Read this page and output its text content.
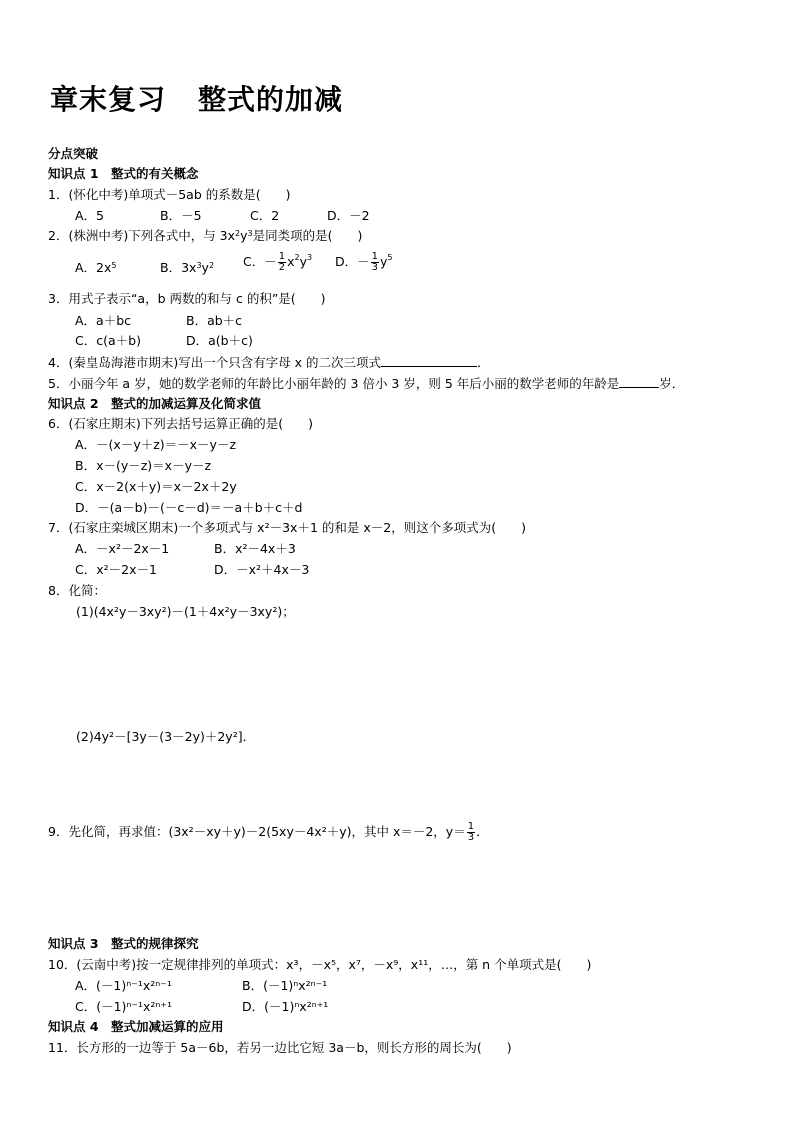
章末复习 整式的加减
分点突破
知识点 1　整式的有关概念
1．(怀化中考)单项式－5ab 的系数是(　　)
A．5	B．－5	C．2	D．－2
2．(株洲中考)下列各式中，与 $3x^2y^3$是同类项的是(　　)
A．$2x^5$	B．$3x^3y^2$ C．－ $\frac{1}{2} x^2y^3$ D．－ $\frac{1}{3} y^5$
3．用式子表示“a，b 两数的和与 c 的积”是(　　)
A．a＋bc	B．ab＋c
C．c(a＋b)	D．a(b＋c)
4．(秦皇岛海港市期末)写出一个只含有字母 x 的二次三项式	．
5．小丽今年 a 岁，她的数学老师的年龄比小丽年龄的 3 倍小 3 岁，则 5 年后小丽的数学老师的年龄是	岁．
知识点 2　整式的加减运算及化简求值
6．(石家庄期末)下列去括号运算正确的是(　　)
A．－(x－y＋z)＝－x－y－z
B．x－(y－z)＝x－y－z
C．x－2(x＋y)＝x－2x＋2y
D．－(a－b)－(－c－d)＝－a＋b＋c＋d
7．(石家庄栾城区期末)一个多项式与 x²－3x＋1 的和是 x－2，则这个多项式为(　　)
A．－x²－2x－1	B．x²－4x＋3
C．x²－2x－1	D．－x²＋4x－3
8．化简：
(1)(4x²y－3xy²)－(1＋4x²y－3xy²)；
(2)4y²－[3y－(3－2y)＋2y²]．
9．先化简，再求值：(3x²－xy＋y)－2(5xy－4x²＋y)，其中 x＝－2，$y= \frac{1}{3}$ ．
知识点 3　整式的规律探究
10．(云南中考)按一定规律排列的单项式：x³，－x⁵，x⁷，－x⁹，x¹¹，…，第 n 个单项式是(　　)
A．(－1)ⁿ⁻¹x²ⁿ⁻¹	B．(－1)ⁿx²ⁿ⁻¹
C．(－1)ⁿ⁻¹x²ⁿ⁺¹	D．(－1)ⁿx²ⁿ⁺¹
知识点 4　整式加减运算的应用
11．长方形的一边等于 5a－6b，若另一边比它短 3a－b，则长方形的周长为(　　)
